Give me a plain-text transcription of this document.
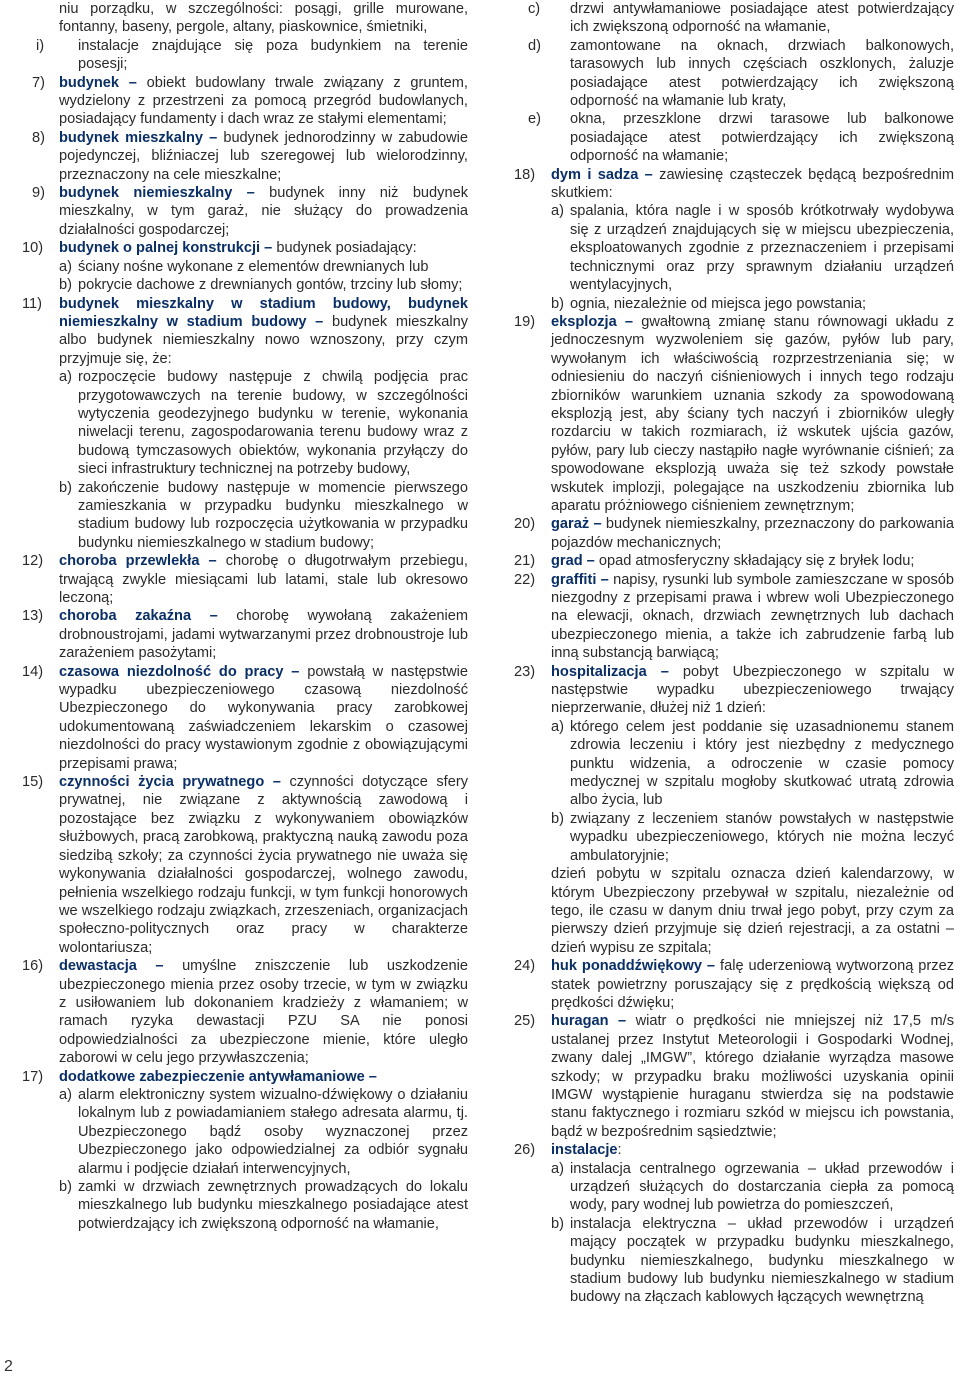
niu porządku, w szczególności: posągi, grille murowane, fontanny, baseny, pergole, altany, piaskownice, śmietniki,
i)	instalacje znajdujące się poza budynkiem na terenie posesji;
7) budynek – obiekt budowlany trwale związany z gruntem, wydzielony z przestrzeni za pomocą przegród budowlanych, posiadający fundamenty i dach wraz ze stałymi elementami;
8) budynek mieszkalny – budynek jednorodzinny w zabudowie pojedynczej, bliźniaczej lub szeregowej lub wielorodzinny, przeznaczony na cele mieszkalne;
9) budynek niemieszkalny – budynek inny niż budynek mieszkalny, w tym garaż, nie służący do prowadzenia działalności gospodarczej;
10) budynek o palnej konstrukcji – budynek posiadający:
a) ściany nośne wykonane z elementów drewnianych lub
b) pokrycie dachowe z drewnianych gontów, trzciny lub słomy;
11) budynek mieszkalny w stadium budowy, budynek niemieszkalny w stadium budowy – budynek mieszkalny albo budynek niemieszkalny nowo wznoszony, przy czym przyjmuje się, że:
a) rozpoczęcie budowy następuje z chwilą podjęcia prac przygotowawczych na terenie budowy, w szczególności wytyczenia geodezyjnego budynku w terenie, wykonania niwelacji terenu, zagospodarowania terenu budowy wraz z budową tymczasowych obiektów, wykonania przyłączy do sieci infrastruktury technicznej na potrzeby budowy,
b) zakończenie budowy następuje w momencie pierwszego zamieszkania w przypadku budynku mieszkalnego w stadium budowy lub rozpoczęcia użytkowania w przypadku budynku niemieszkalnego w stadium budowy;
12) choroba przewlekła – chorobę o długotrwałym przebiegu, trwającą zwykle miesiącami lub latami, stale lub okresowo leczoną;
13) choroba zakaźna – chorobę wywołaną zakażeniem drobnoustrojami, jadami wytwarzanymi przez drobnoustroje lub zarażeniem pasożytami;
14) czasowa niezdolność do pracy – powstałą w następstwie wypadku ubezpieczeniowego czasową niezdolność Ubezpieczonego do wykonywania pracy zarobkowej udokumentowaną zaświadczeniem lekarskim o czasowej niezdolności do pracy wystawionym zgodnie z obowiązującymi przepisami prawa;
15) czynności życia prywatnego – czynności dotyczące sfery prywatnej, nie związane z aktywnością zawodową i pozostające bez związku z wykonywaniem obowiązków służbowych, pracą zarobkową, praktyczną nauką zawodu poza siedzibą szkoły; za czynności życia prywatnego nie uważa się wykonywania działalności gospodarczej, wolnego zawodu, pełnienia wszelkiego rodzaju funkcji, w tym funkcji honorowych we wszelkiego rodzaju związkach, zrzeszeniach, organizacjach społeczno-politycznych oraz pracy w charakterze wolontariusza;
16) dewastacja – umyślne zniszczenie lub uszkodzenie ubezpieczonego mienia przez osoby trzecie, w tym w związku z usiłowaniem lub dokonaniem kradzieży z włamaniem; w ramach ryzyka dewastacji PZU SA nie ponosi odpowiedzialności za ubezpieczone mienie, które uległo zaborowi w celu jego przywłaszczenia;
17) dodatkowe zabezpieczenie antywłamaniowe –
a) alarm elektroniczny system wizualno-dźwiękowy o działaniu lokalnym lub z powiadamianiem stałego adresata alarmu, tj. Ubezpieczonego bądź osoby wyznaczonej przez Ubezpieczonego jako odpowiedzialnej za odbiór sygnału alarmu i podjęcie działań interwencyjnych,
b) zamki w drzwiach zewnętrznych prowadzących do lokalu mieszkalnego lub budynku mieszkalnego posiadające atest potwierdzający ich zwiększoną odporność na włamanie,
c)	drzwi antywłamaniowe posiadające atest potwierdzający ich zwiększoną odporność na włamanie,
d)	zamontowane na oknach, drzwiach balkonowych, tarasowych lub innych częściach oszklonych, żaluzje posiadające atest potwierdzający ich zwiększoną odporność na włamanie lub kraty,
e)	okna, przeszklone drzwi tarasowe lub balkonowe posiadające atest potwierdzający ich zwiększoną odporność na włamanie;
18) dym i sadza – zawiesinę cząsteczek będącą bezpośrednim skutkiem:
a) spalania, która nagle i w sposób krótkotrwały wydobywa się z urządzeń znajdujących się w miejscu ubezpieczenia, eksploatowanych zgodnie z przeznaczeniem i przepisami technicznymi oraz przy sprawnym działaniu urządzeń wentylacyjnych,
b) ognia, niezależnie od miejsca jego powstania;
19) eksplozja – gwałtowną zmianę stanu równowagi układu z jednoczesnym wyzwoleniem się gazów, pyłów lub pary, wywołanym ich właściwością rozprzestrzeniania się; w odniesieniu do naczyń ciśnieniowych i innych tego rodzaju zbiorników warunkiem uznania szkody za spowodowaną eksplozją jest, aby ściany tych naczyń i zbiorników uległy rozdarciu w takich rozmiarach, iż wskutek ujścia gazów, pyłów, pary lub cieczy nastąpiło nagłe wyrównanie ciśnień; za spowodowane eksplozją uważa się też szkody powstałe wskutek implozji, polegające na uszkodzeniu zbiornika lub aparatu próżniowego ciśnieniem zewnętrznym;
20) garaż – budynek niemieszkalny, przeznaczony do parkowania pojazdów mechanicznych;
21) grad – opad atmosferyczny składający się z bryłek lodu;
22) graffiti – napisy, rysunki lub symbole zamieszczane w sposób niezgodny z przepisami prawa i wbrew woli Ubezpieczonego na elewacji, oknach, drzwiach zewnętrznych lub dachach ubezpieczonego mienia, a także ich zabrudzenie farbą lub inną substancją barwiącą;
23) hospitalizacja – pobyt Ubezpieczonego w szpitalu w następstwie wypadku ubezpieczeniowego trwający nieprzerwanie, dłużej niż 1 dzień:
a) którego celem jest poddanie się uzasadnionemu stanem zdrowia leczeniu i który jest niezbędny z medycznego punktu widzenia, a odroczenie w czasie pomocy medycznej w szpitalu mogłoby skutkować utratą zdrowia albo życia, lub
b) związany z leczeniem stanów powstałych w następstwie wypadku ubezpieczeniowego, których nie można leczyć ambulatoryjnie;
dzień pobytu w szpitalu oznacza dzień kalendarzowy, w którym Ubezpieczony przebywał w szpitalu, niezależnie od tego, ile czasu w danym dniu trwał jego pobyt, przy czym za pierwszy dzień przyjmuje się dzień rejestracji, a za ostatni – dzień wypisu ze szpitala;
24) huk ponaddźwiękowy – falę uderzeniową wytworzoną przez statek powietrzny poruszający się z prędkością większą od prędkości dźwięku;
25) huragan – wiatr o prędkości nie mniejszej niż 17,5 m/s ustalanej przez Instytut Meteorologii i Gospodarki Wodnej, zwany dalej „IMGW”, którego działanie wyrządza masowe szkody; w przypadku braku możliwości uzyskania opinii IMGW wystąpienie huraganu stwierdza się na podstawie stanu faktycznego i rozmiaru szkód w miejscu ich powstania, bądź w bezpośrednim sąsiedztwie;
26) instalacje:
a) instalacja centralnego ogrzewania – układ przewodów i urządzeń służących do dostarczania ciepła za pomocą wody, pary wodnej lub powietrza do pomieszczeń,
b) instalacja elektryczna – układ przewodów i urządzeń mający początek w przypadku budynku mieszkalnego, budynku niemieszkalnego, budynku mieszkalnego w stadium budowy lub budynku niemieszkalnego w stadium budowy na złączach kablowych łączących wewnętrzną
2
